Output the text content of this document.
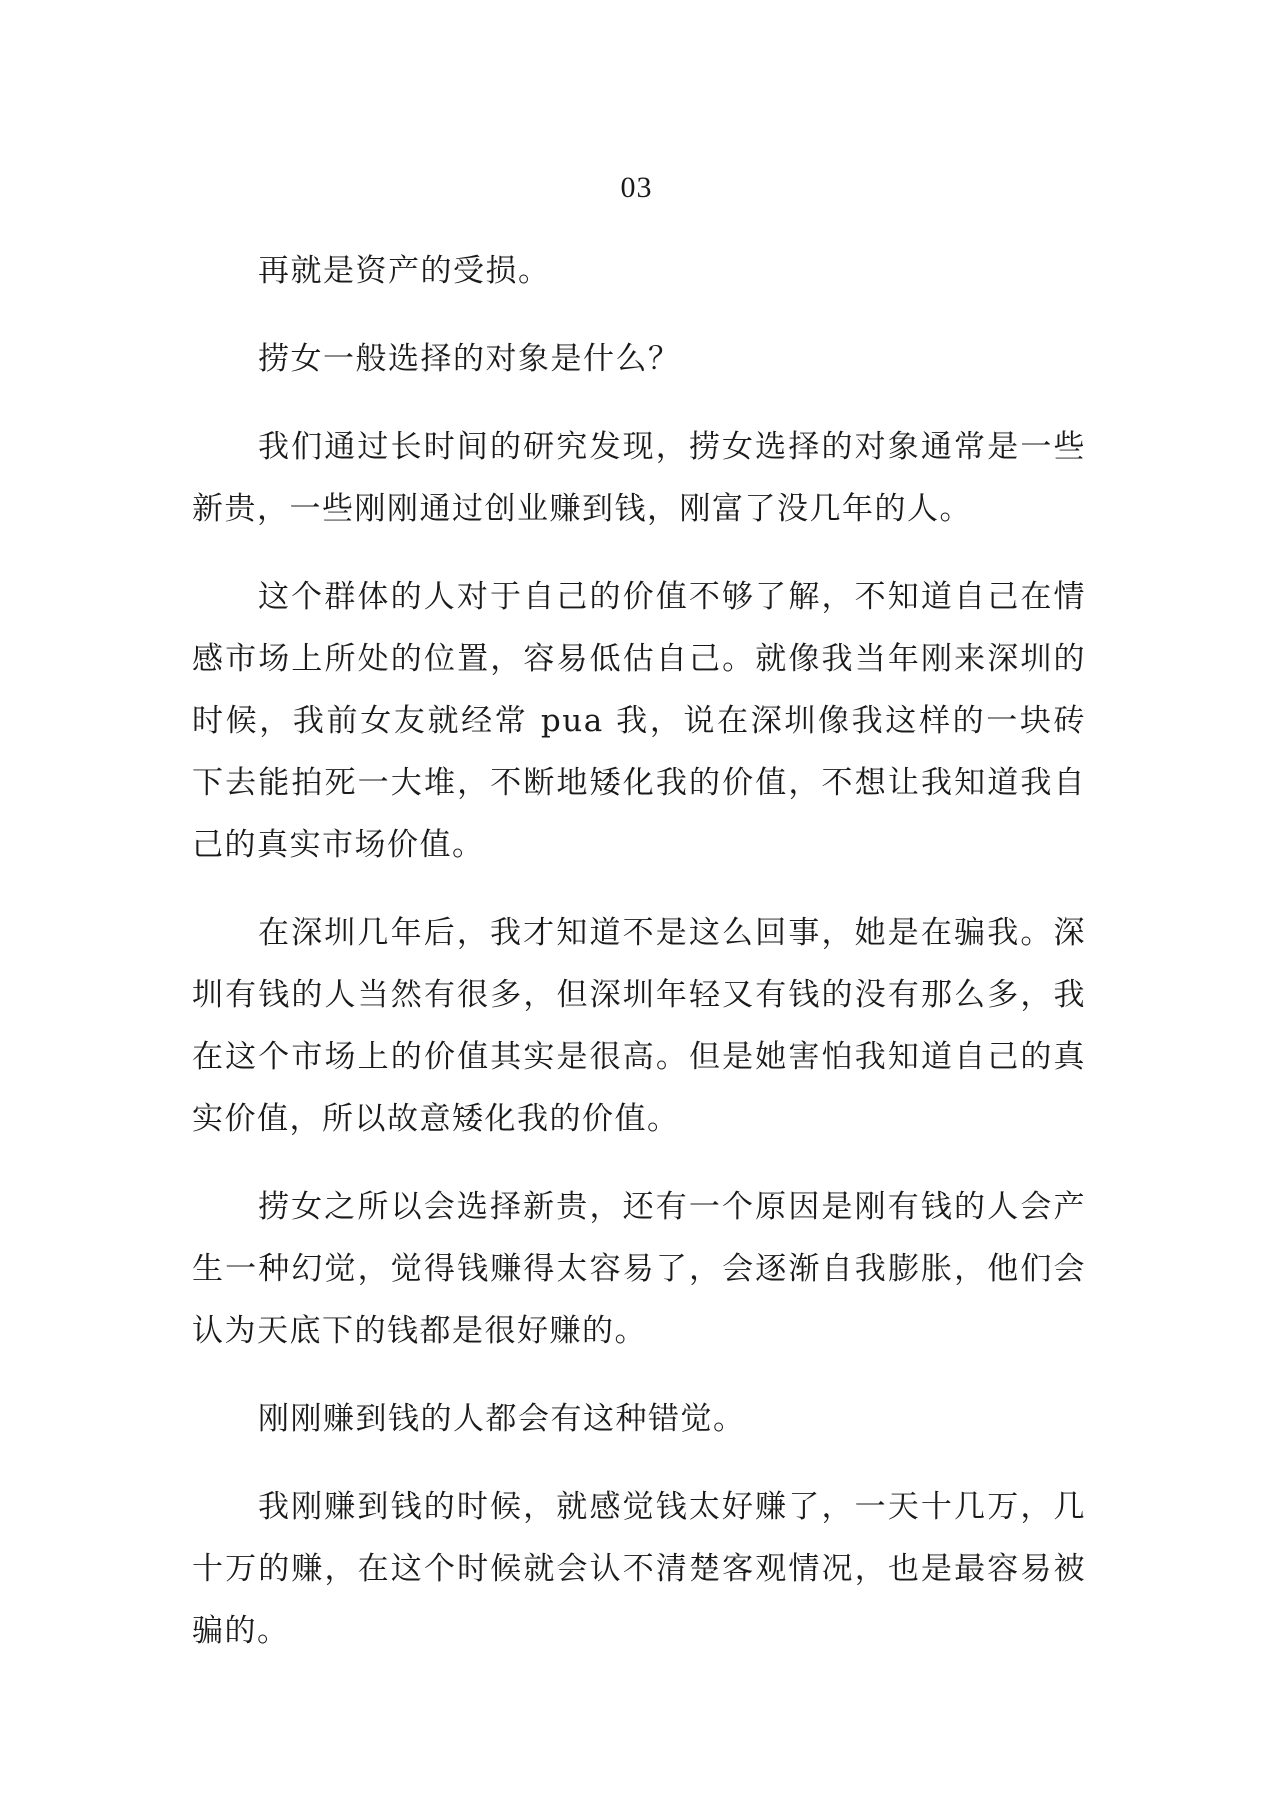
03

再就是资产的受损。

捞女一般选择的对象是什么？

我们通过长时间的研究发现，捞女选择的对象通常是一些新贵，一些刚刚通过创业赚到钱，刚富了没几年的人。

这个群体的人对于自己的价值不够了解，不知道自己在情感市场上所处的位置，容易低估自己。就像我当年刚来深圳的时候，我前女友就经常 pua 我，说在深圳像我这样的一块砖下去能拍死一大堆，不断地矮化我的价值，不想让我知道我自己的真实市场价值。

在深圳几年后，我才知道不是这么回事，她是在骗我。深圳有钱的人当然有很多，但深圳年轻又有钱的没有那么多，我在这个市场上的价值其实是很高。但是她害怕我知道自己的真实价值，所以故意矮化我的价值。

捞女之所以会选择新贵，还有一个原因是刚有钱的人会产生一种幻觉，觉得钱赚得太容易了，会逐渐自我膨胀，他们会认为天底下的钱都是很好赚的。

刚刚赚到钱的人都会有这种错觉。

我刚赚到钱的时候，就感觉钱太好赚了，一天十几万，几十万的赚，在这个时候就会认不清楚客观情况，也是最容易被骗的。
